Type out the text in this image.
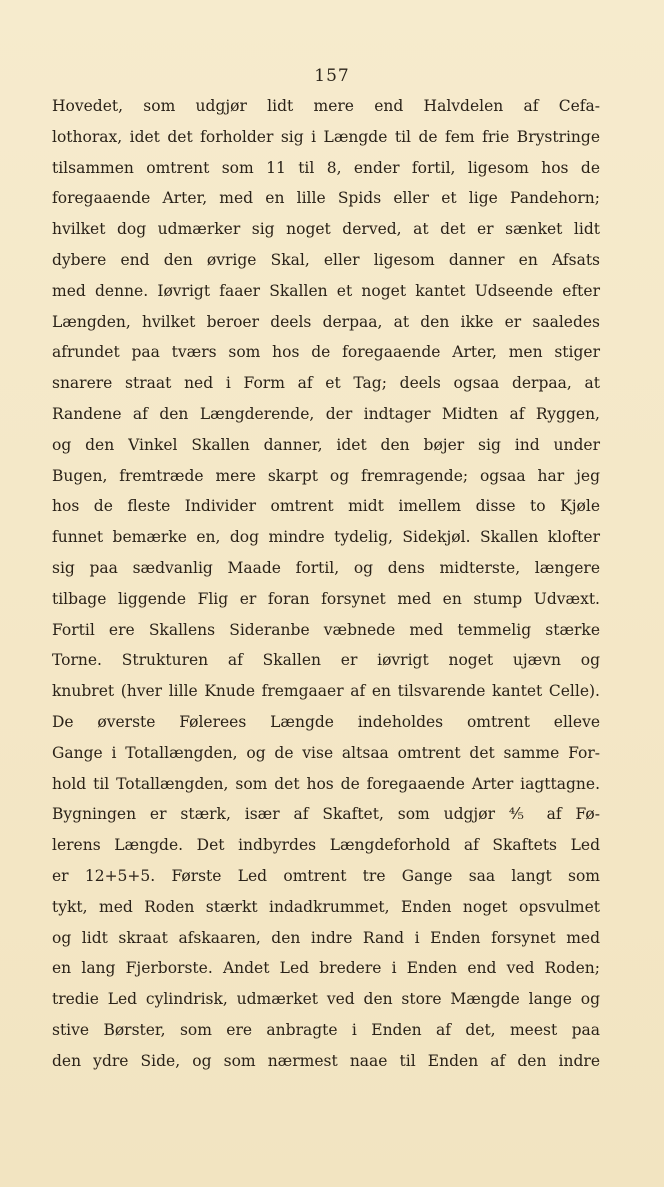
157
Hovedet, som udgjør lidt mere end Halvdelen af Cefa-
lothorax, idet det forholder sig i Længde til de fem frie Brystringe
tilsammen omtrent som 11 til 8, ender fortil, ligesom hos de
foregaaende Arter, med en lille Spids eller et lige Pandehorn;
hvilket dog udmærker sig noget derved, at det er sænket lidt
dybere end den øvrige Skal, eller ligesom danner en Afsats
med denne. Iøvrigt faaer Skallen et noget kantet Udseende efter
Længden, hvilket beroer deels derpaa, at den ikke er saaledes
afrundet paa tværs som hos de foregaaende Arter, men stiger
snarere straat ned i Form af et Tag; deels ogsaa derpaa, at
Randene af den Længderende, der indtager Midten af Ryggen,
og den Vinkel Skallen danner, idet den bøjer sig ind under
Bugen, fremtræde mere skarpt og fremragende; ogsaa har jeg
hos de fleste Individer omtrent midt imellem disse to Kjøle
funnet bemærke en, dog mindre tydelig, Sidekjøl. Skallen klofter
sig paa sædvanlig Maade fortil, og dens midterste, længere
tilbage liggende Flig er foran forsynet med en stump Udvæxt.
Fortil ere Skallens Sideranbe væbnede med temmelig stærke
Torne. Strukturen af Skallen er iøvrigt noget ujævn og
knubret (hver lille Knude fremgaaer af en tilsvarende kantet Celle).
De øverste Følerees Længde indeholdes omtrent elleve
Gange i Totallængden, og de vise altsaa omtrent det samme For-
hold til Totallængden, som det hos de foregaaende Arter iagttagne.
Bygningen er stærk, især af Skaftet, som udgjør ⅘ af Fø-
lerens Længde. Det indbyrdes Længdeforhold af Skaftets Led
er 12+5+5. Første Led omtrent tre Gange saa langt som
tykt, med Roden stærkt indadkrummet, Enden noget opsvulmet
og lidt skraat afskaaren, den indre Rand i Enden forsynet med
en lang Fjerborste. Andet Led bredere i Enden end ved Roden;
tredie Led cylindrisk, udmærket ved den store Mængde lange og
stive Børster, som ere anbragte i Enden af det, meest paa
den ydre Side, og som nærmest naae til Enden af den indre
